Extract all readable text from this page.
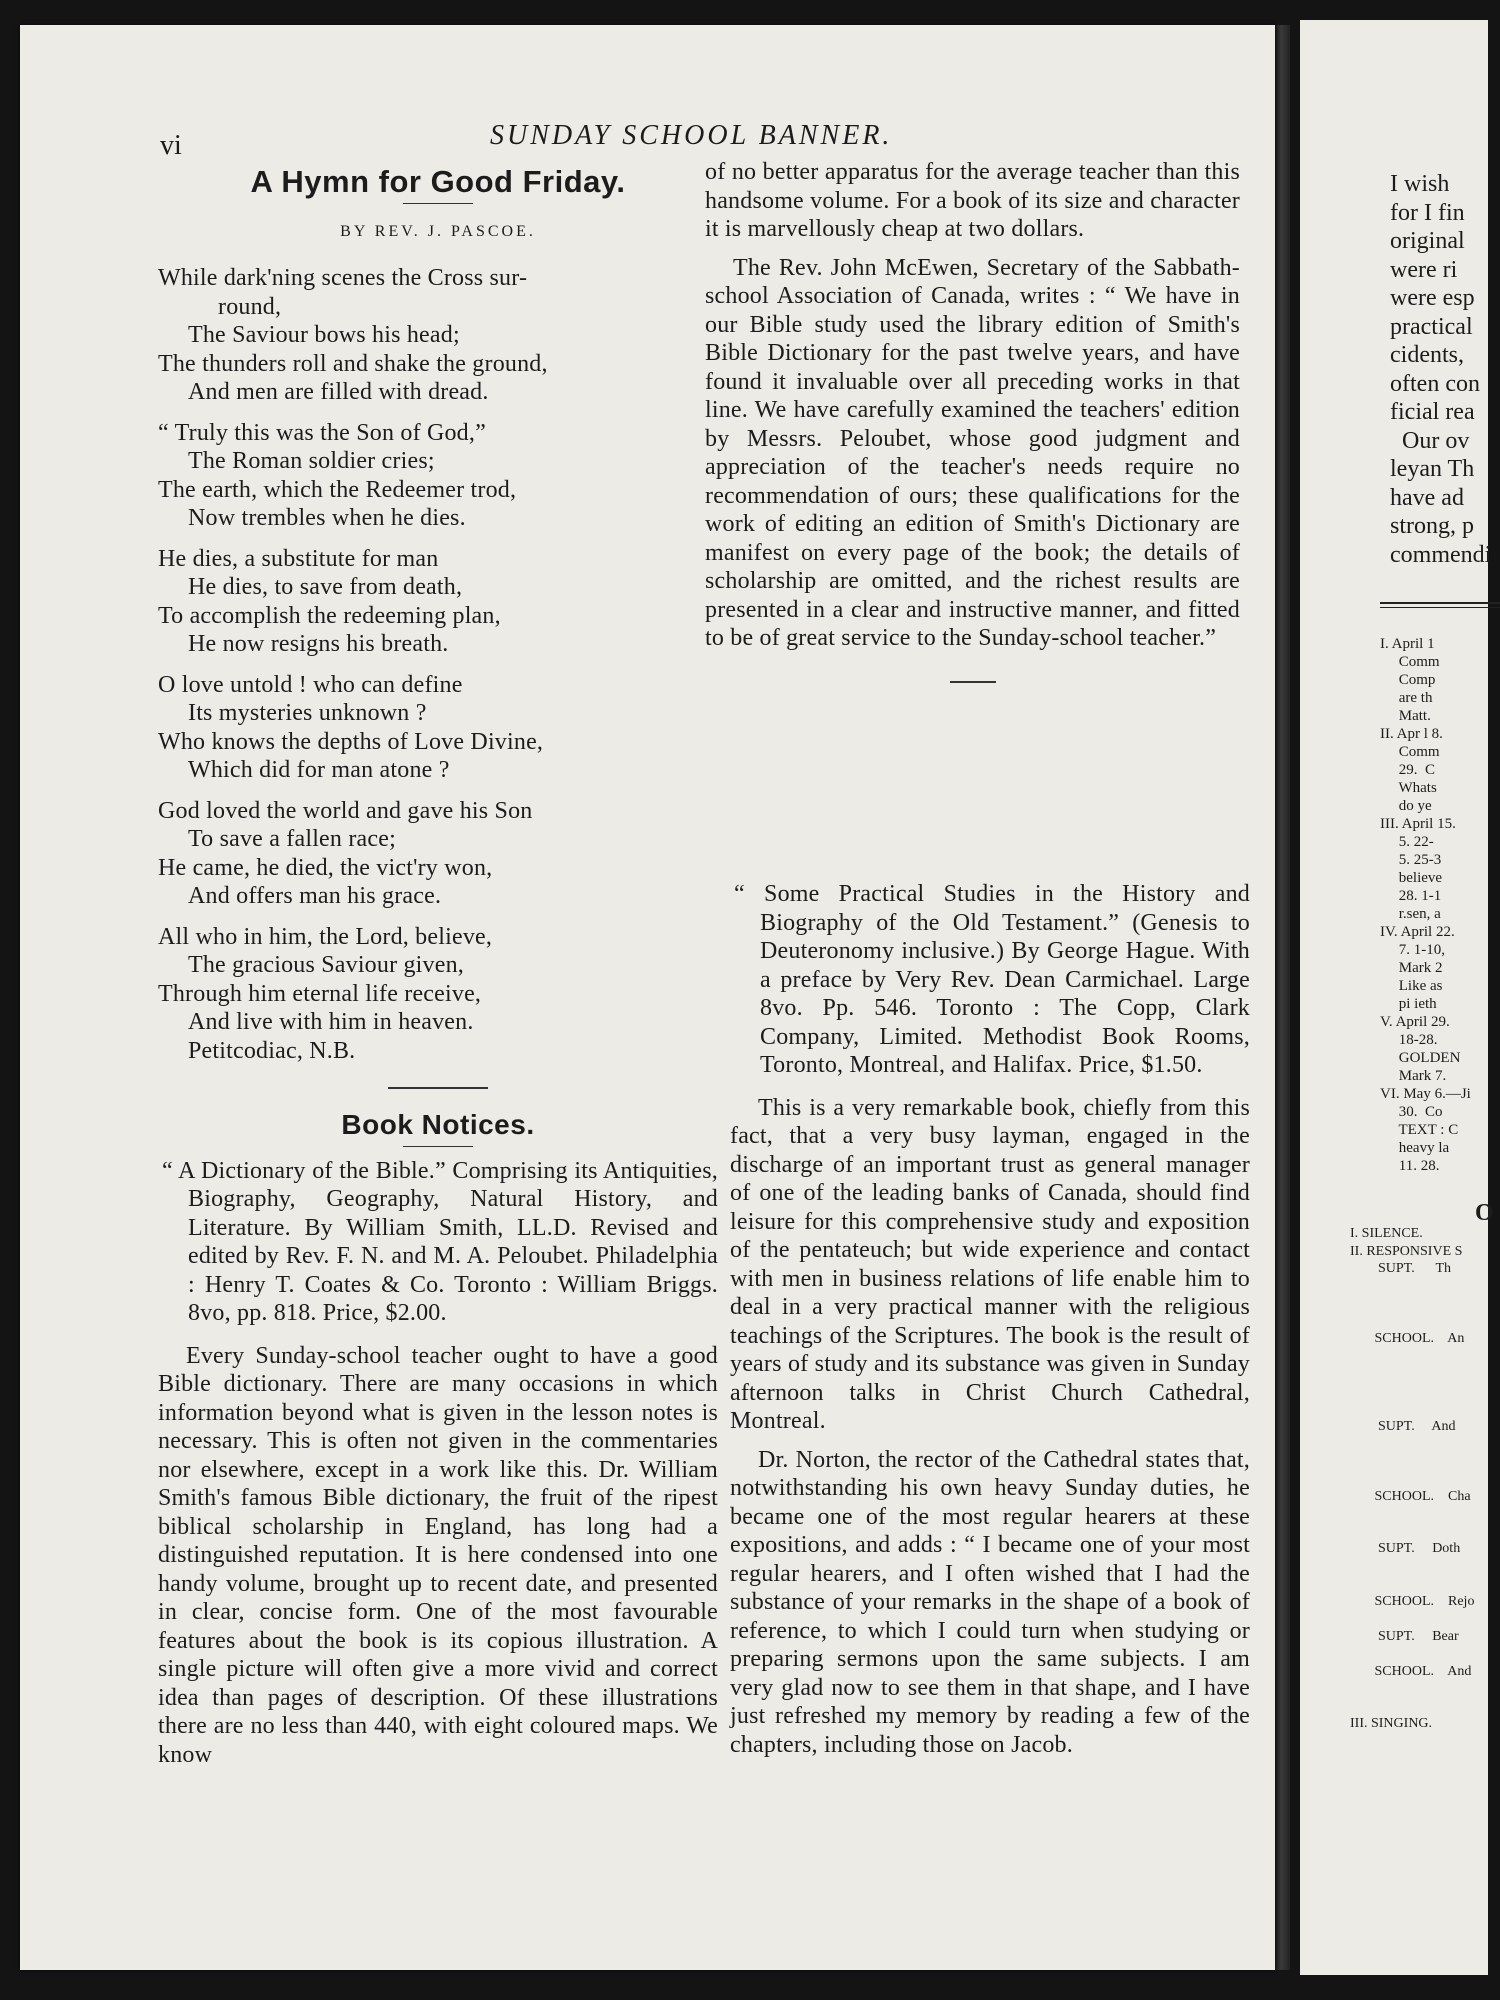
vi	SUNDAY SCHOOL BANNER.
A Hymn for Good Friday.
BY REV. J. PASCOE.
While dark'ning scenes the Cross sur-
round,
The Saviour bows his head;
The thunders roll and shake the ground,
And men are filled with dread.
“ Truly this was the Son of God,”
The Roman soldier cries;
The earth, which the Redeemer trod,
Now trembles when he dies.
He dies, a substitute for man
He dies, to save from death,
To accomplish the redeeming plan,
He now resigns his breath.
O love untold ! who can define
Its mysteries unknown ?
Who knows the depths of Love Divine,
Which did for man atone ?
God loved the world and gave his Son
To save a fallen race;
He came, he died, the vict'ry won,
And offers man his grace.
All who in him, the Lord, believe,
The gracious Saviour given,
Through him eternal life receive,
And live with him in heaven.
Petitcodiac, N.B.
Book Notices.

“ A Dictionary of the Bible.” Comprising its Antiquities, Biography, Geography, Natural History, and Literature. By William Smith, LL.D. Revised and edited by Rev. F. N. and M. A. Peloubet. Philadelphia : Henry T. Coates & Co. Toronto : William Briggs. 8vo, pp. 818. Price, $2.00.

Every Sunday-school teacher ought to have a good Bible dictionary. There are many occasions in which information beyond what is given in the lesson notes is necessary. This is often not given in the commentaries nor elsewhere, except in a work like this. Dr. William Smith's famous Bible dictionary, the fruit of the ripest biblical scholarship in England, has long had a distinguished reputation. It is here condensed into one handy volume, brought up to recent date, and presented in clear, concise form. One of the most favourable features about the book is its copious illustration. A single picture will often give a more vivid and correct idea than pages of description. Of these illustrations there are no less than 440, with eight coloured maps. We know

of no better apparatus for the average teacher than this handsome volume. For a book of its size and character it is marvellously cheap at two dollars.

The Rev. John McEwen, Secretary of the Sabbath-school Association of Canada, writes : “ We have in our Bible study used the library edition of Smith's Bible Dictionary for the past twelve years, and have found it invaluable over all preceding works in that line. We have carefully examined the teachers' edition by Messrs. Peloubet, whose good judgment and appreciation of the teacher's needs require no recommendation of ours; these qualifications for the work of editing an edition of Smith's Dictionary are manifest on every page of the book; the details of scholarship are omitted, and the richest results are presented in a clear and instructive manner, and fitted to be of great service to the Sunday-school teacher.”

“ Some Practical Studies in the History and Biography of the Old Testament.” (Genesis to Deuteronomy inclusive.) By George Hague. With a preface by Very Rev. Dean Carmichael. Large 8vo. Pp. 546. Toronto : The Copp, Clark Company, Limited. Methodist Book Rooms, Toronto, Montreal, and Halifax. Price, $1.50.

This is a very remarkable book, chiefly from this fact, that a very busy layman, engaged in the discharge of an important trust as general manager of one of the leading banks of Canada, should find leisure for this comprehensive study and exposition of the pentateuch; but wide experience and contact with men in business relations of life enable him to deal in a very practical manner with the religious teachings of the Scriptures. The book is the result of years of study and its substance was given in Sunday afternoon talks in Christ Church Cathedral, Montreal.

Dr. Norton, the rector of the Cathedral states that, notwithstanding his own heavy Sunday duties, he became one of the most regular hearers at these expositions, and adds : “ I became one of your most regular hearers, and I often wished that I had the substance of your remarks in the shape of a book of reference, to which I could turn when studying or preparing sermons upon the same subjects. I am very glad now to see them in that shape, and I have just refreshed my memory by reading a few of the chapters, including those on Jacob.

I wish
for I fin
original
were ri
were esp
practical
cidents,
often con
ficial rea
Our ov
leyan Th
have ad
strong, p
commendi
I. April 1
Comm
Comp
are th
Matt.
II. Apr l 8.
Comm
29.  C
Whats
do ye
III. April 15.
5. 22-
5. 25-3
believe
28. 1-1
r.sen, a
IV. April 22.
7. 1-10,
Mark 2
Like as
pi ieth
V. April 29.
18-28.
GOLDEN
Mark 7.
VI. May 6.—Ji
30.  Co
TEXT : C
heavy la
11. 28.
O
I. SILENCE.
II. RESPONSIVE S
SUPT.      Th

SCHOOL.    An

SUPT.     And

SCHOOL.    Cha

SUPT.     Doth

SCHOOL.    Rejo

SUPT.     Bear

SCHOOL.    And

III. SINGING.
